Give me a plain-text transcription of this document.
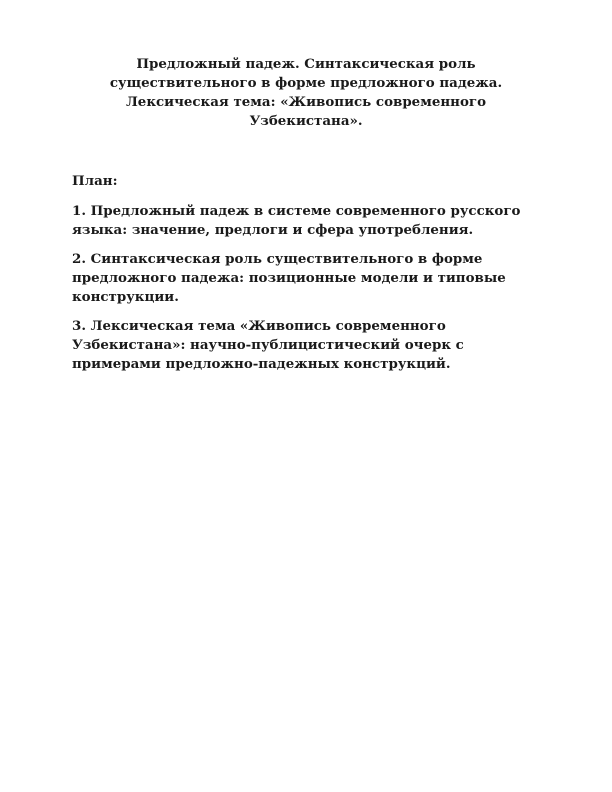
Предложный падеж. Синтаксическая роль
существительного в форме предложного падежа.
Лексическая тема: «Живопись современного
Узбекистана».

План:

1. Предложный падеж в системе современного русского
языка: значение, предлоги и сфера употребления.

2. Синтаксическая роль существительного в форме
предложного падежа: позиционные модели и типовые
конструкции.

3. Лексическая тема «Живопись современного
Узбекистана»: научно-публицистический очерк с
примерами предложно-падежных конструкций.
